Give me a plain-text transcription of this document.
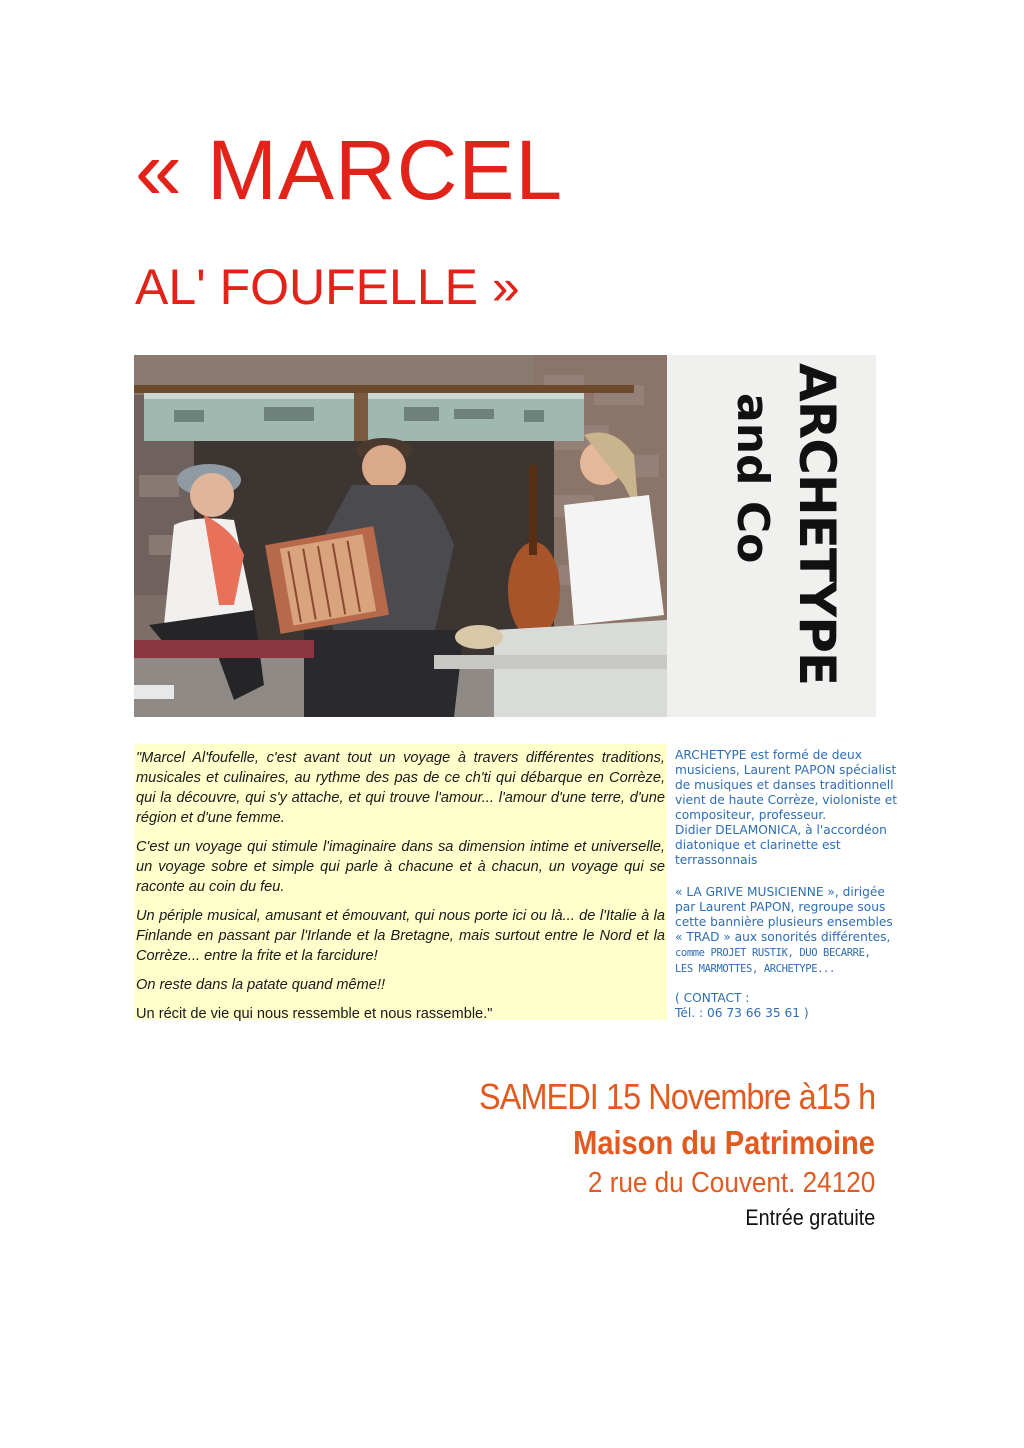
« MARCEL
AL' FOUFELLE »
ARCHETYPE
and Co

"Marcel Al'foufelle, c'est avant tout un voyage à travers différentes traditions, musicales et culinaires, au rythme des pas de ce ch'ti qui débarque en Corrèze, qui la découvre, qui s'y attache, et qui trouve l'amour... l'amour d'une terre, d'une région et d'une femme.

C'est un voyage qui stimule l'imaginaire dans sa dimension intime et universelle, un voyage sobre et simple qui parle à chacune et à chacun, un voyage qui se raconte au coin du feu.

Un périple musical, amusant et émouvant, qui nous porte ici ou là... de l'Italie à la Finlande en passant par l'Irlande et la Bretagne, mais surtout entre le Nord et la Corrèze... entre la frite et la farcidure!

On reste dans la patate quand même!!

Un récit de vie qui nous ressemble et nous rassemble."

ARCHETYPE est formé de deux
musiciens, Laurent PAPON spécialist
de musiques et danses traditionnell
vient de haute Corrèze, violoniste et
compositeur, professeur.
Didier DELAMONICA, à l'accordéon
diatonique et clarinette est
terrassonnais
« LA GRIVE MUSICIENNE », dirigée
par Laurent PAPON, regroupe sous
cette bannière plusieurs ensembles
« TRAD » aux sonorités différentes,
comme PROJET RUSTIK, DUO BECARRE,
LES MARMOTTES, ARCHETYPE...
( CONTACT :
Tél. : 06 73 66 35 61 )
SAMEDI 15 Novembre à15 h
Maison du Patrimoine
2 rue du Couvent. 24120
Entrée gratuite
